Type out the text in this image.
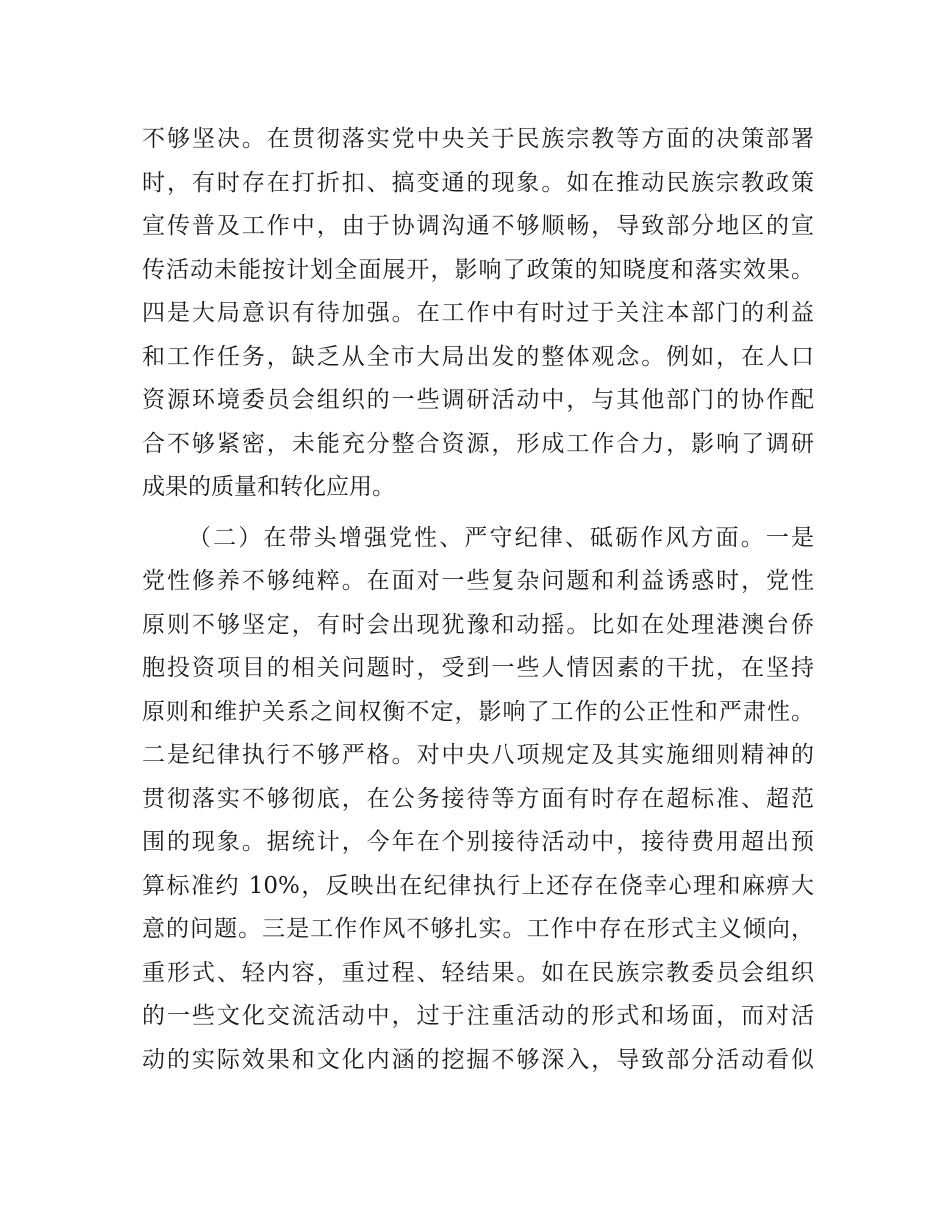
不够坚决。在贯彻落实党中央关于民族宗教等方面的决策部署
时，有时存在打折扣、搞变通的现象。如在推动民族宗教政策
宣传普及工作中，由于协调沟通不够顺畅，导致部分地区的宣
传活动未能按计划全面展开，影响了政策的知晓度和落实效果。
四是大局意识有待加强。在工作中有时过于关注本部门的利益
和工作任务，缺乏从全市大局出发的整体观念。例如，在人口
资源环境委员会组织的一些调研活动中，与其他部门的协作配
合不够紧密，未能充分整合资源，形成工作合力，影响了调研
成果的质量和转化应用。
（二）在带头增强党性、严守纪律、砥砺作风方面。一是
党性修养不够纯粹。在面对一些复杂问题和利益诱惑时，党性
原则不够坚定，有时会出现犹豫和动摇。比如在处理港澳台侨
胞投资项目的相关问题时，受到一些人情因素的干扰，在坚持
原则和维护关系之间权衡不定，影响了工作的公正性和严肃性。
二是纪律执行不够严格。对中央八项规定及其实施细则精神的
贯彻落实不够彻底，在公务接待等方面有时存在超标准、超范
围的现象。据统计，今年在个别接待活动中，接待费用超出预
算标准约 10%，反映出在纪律执行上还存在侥幸心理和麻痹大
意的问题。三是工作作风不够扎实。工作中存在形式主义倾向，
重形式、轻内容，重过程、轻结果。如在民族宗教委员会组织
的一些文化交流活动中，过于注重活动的形式和场面，而对活
动的实际效果和文化内涵的挖掘不够深入，导致部分活动看似
